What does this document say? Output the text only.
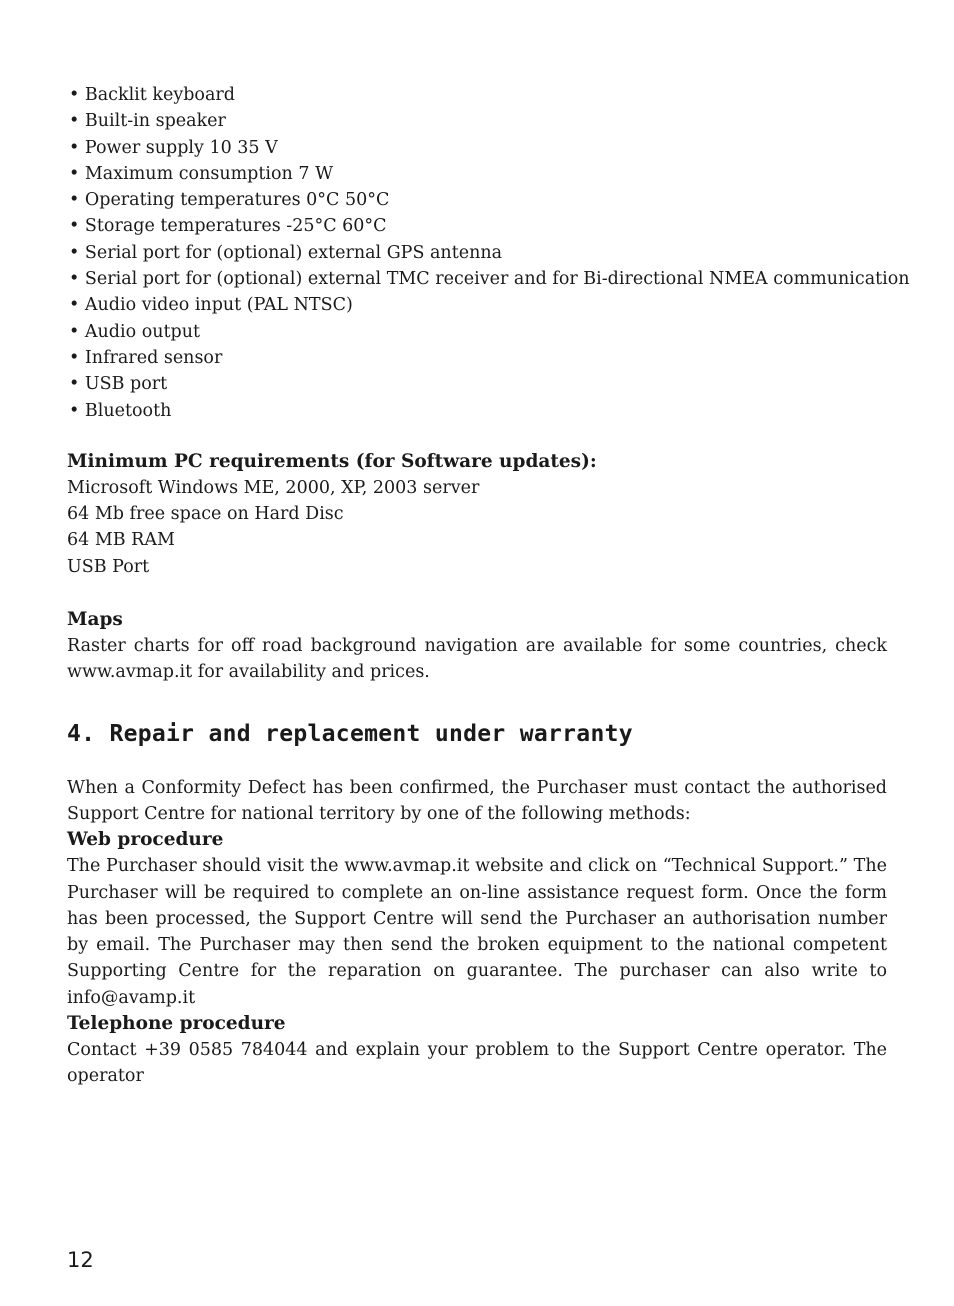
• Backlit keyboard
• Built-in speaker
• Power supply 10 35 V
• Maximum consumption 7 W
• Operating temperatures 0°C 50°C
• Storage temperatures -25°C 60°C
• Serial port for (optional) external GPS antenna
• Serial port for (optional) external TMC receiver and for Bi-directional NMEA communication
• Audio video input (PAL NTSC)
• Audio output
• Infrared sensor
• USB port
• Bluetooth
Minimum PC requirements (for Software updates):

Microsoft Windows ME, 2000, XP, 2003 server

64 Mb free space on Hard Disc

64 MB RAM

USB Port

Maps

Raster charts for off road background navigation are available for some countries, check www.avmap.it for availability and prices.

4. Repair and replacement under warranty

When a Conformity Defect has been confirmed, the Purchaser must contact the authorised Support Centre for national territory by one of the following methods:

Web procedure

The Purchaser should visit the www.avmap.it website and click on “Technical Support.” The Purchaser will be required to complete an on-line assistance request form. Once the form has been processed, the Support Centre will send the Purchaser an authorisation number by email. The Purchaser may then send the broken equipment to the national competent Supporting Centre for the reparation on guarantee. The purchaser can also write to info@avamp.it

Telephone procedure

Contact +39 0585 784044 and explain your problem to the Support Centre operator. The operator

12
